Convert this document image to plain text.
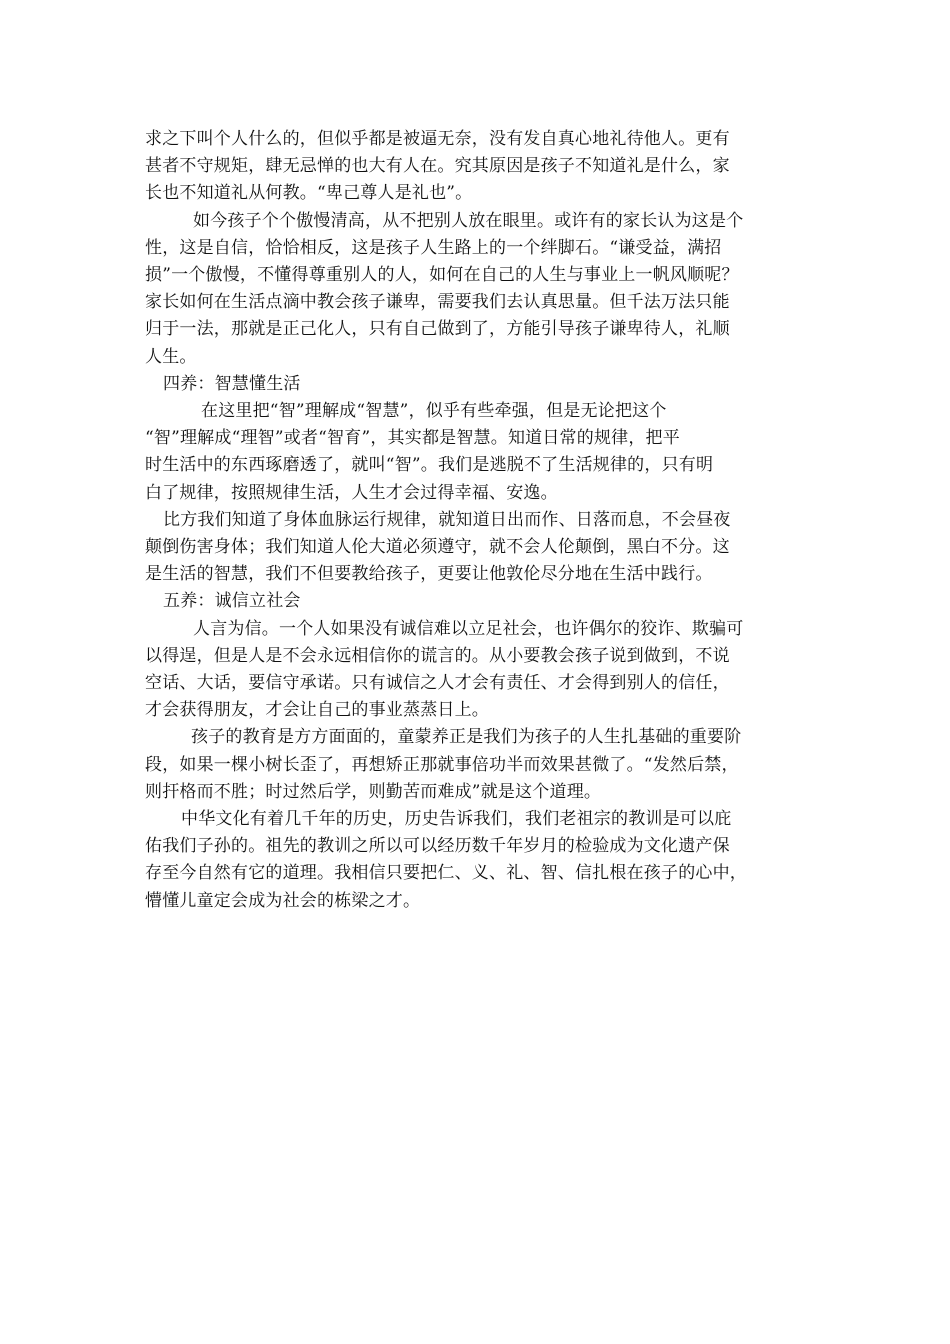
求之下叫个人什么的，但似乎都是被逼无奈，没有发自真心地礼待他人。更有
甚者不守规矩，肆无忌惮的也大有人在。究其原因是孩子不知道礼是什么，家
长也不知道礼从何教。“卑己尊人是礼也”。
如今孩子个个傲慢清高，从不把别人放在眼里。或许有的家长认为这是个
性，这是自信，恰恰相反，这是孩子人生路上的一个绊脚石。“谦受益，满招
损”一个傲慢，不懂得尊重别人的人，如何在自己的人生与事业上一帆风顺呢？
家长如何在生活点滴中教会孩子谦卑，需要我们去认真思量。但千法万法只能
归于一法，那就是正己化人，只有自己做到了，方能引导孩子谦卑待人，礼顺
人生。
四养：智慧懂生活
在这里把“智”理解成“智慧”，似乎有些牵强，但是无论把这个
“智”理解成“理智”或者“智育”，其实都是智慧。知道日常的规律，把平
时生活中的东西琢磨透了，就叫“智”。我们是逃脱不了生活规律的，只有明
白了规律，按照规律生活，人生才会过得幸福、安逸。
比方我们知道了身体血脉运行规律，就知道日出而作、日落而息，不会昼夜
颠倒伤害身体；我们知道人伦大道必须遵守，就不会人伦颠倒，黑白不分。这
是生活的智慧，我们不但要教给孩子，更要让他敦伦尽分地在生活中践行。
五养：诚信立社会
人言为信。一个人如果没有诚信难以立足社会，也许偶尔的狡诈、欺骗可
以得逞，但是人是不会永远相信你的谎言的。从小要教会孩子说到做到，不说
空话、大话，要信守承诺。只有诚信之人才会有责任、才会得到别人的信任，
才会获得朋友，才会让自己的事业蒸蒸日上。
孩子的教育是方方面面的，童蒙养正是我们为孩子的人生扎基础的重要阶
段，如果一棵小树长歪了，再想矫正那就事倍功半而效果甚微了。“发然后禁，
则扞格而不胜；时过然后学，则勤苦而难成”就是这个道理。
中华文化有着几千年的历史，历史告诉我们，我们老祖宗的教训是可以庇
佑我们子孙的。祖先的教训之所以可以经历数千年岁月的检验成为文化遗产保
存至今自然有它的道理。我相信只要把仁、义、礼、智、信扎根在孩子的心中，
懵懂儿童定会成为社会的栋梁之才。
